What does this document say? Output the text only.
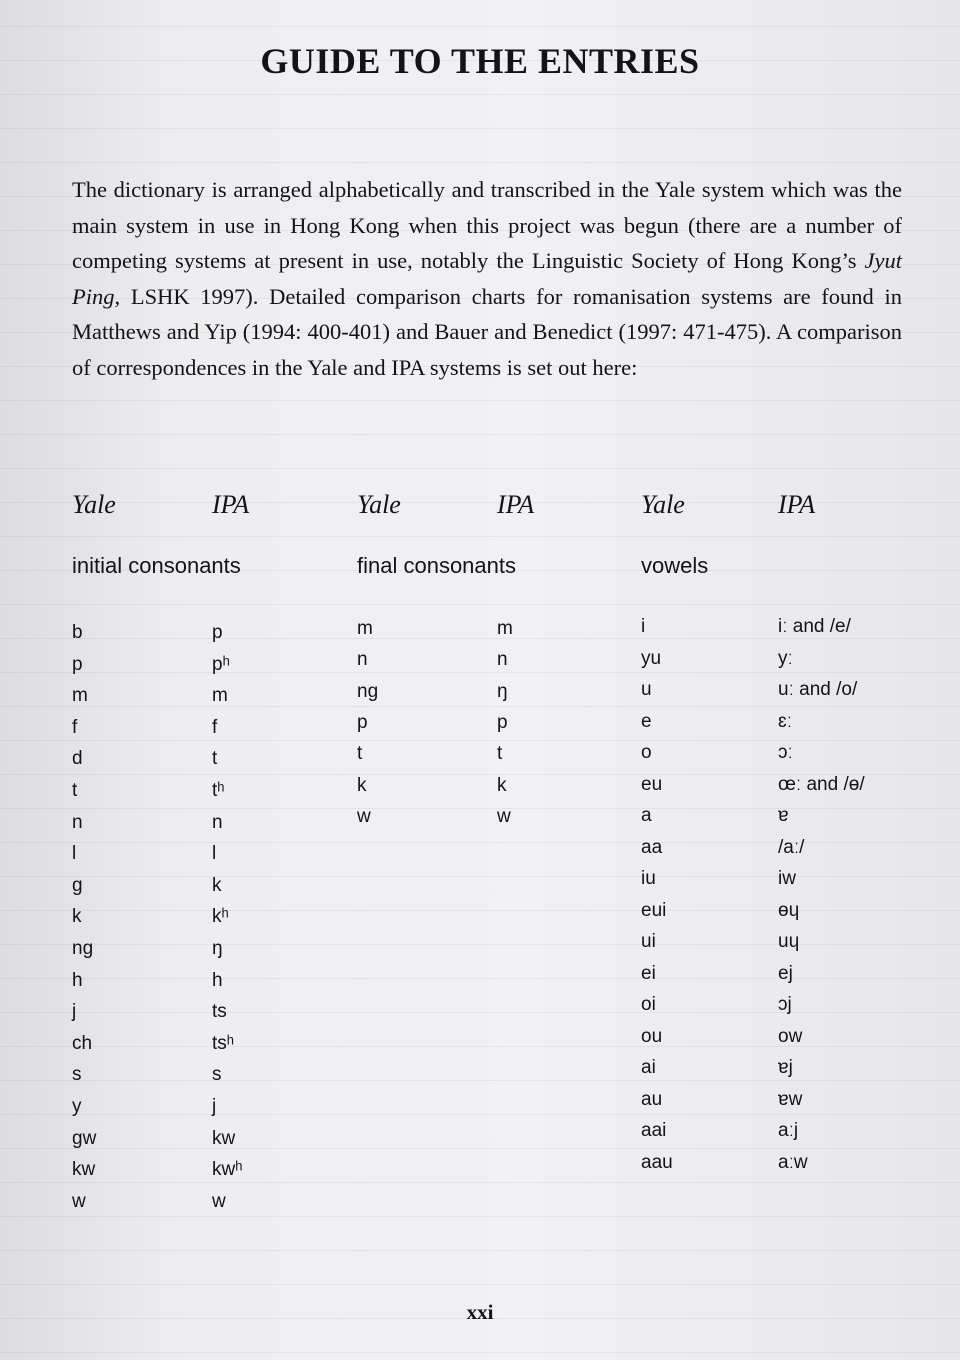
GUIDE TO THE ENTRIES

The dictionary is arranged alphabetically and transcribed in the Yale system which was the main system in use in Hong Kong when this project was begun (there are a number of competing systems at present in use, notably the Linguistic Society of Hong Kong’s Jyut Ping, LSHK 1997). Detailed comparison charts for romanisation systems are found in Matthews and Yip (1994: 400-401) and Bauer and Benedict (1997: 471-475). A comparison of correspondences in the Yale and IPA systems is set out here:

Yale	IPA	Yale	IPA	Yale	IPA
initial consonants	final consonants	vowels
b	p
p	pʰ
m	m
f	f
d	t
t	tʰ
n	n
l	l
g	k
k	kʰ
ng	ŋ
h	h
j	ts
ch	tsʰ
s	s
y	j
gw	kw
kw	kwʰ
w	w
m	m
n	n
ng	ŋ
p	p
t	t
k	k
w	w
i	iː and /e/
yu	yː
u	uː and /o/
e	ɛː
o	ɔː
eu	œː and /ɵ/
a	ɐ
aa	/aː/
iu	iw
eui	ɵɥ
ui	uɥ
ei	ej
oi	ɔj
ou	ow
ai	ɐj
au	ɐw
aai	aːj
aau	aːw
xxi
